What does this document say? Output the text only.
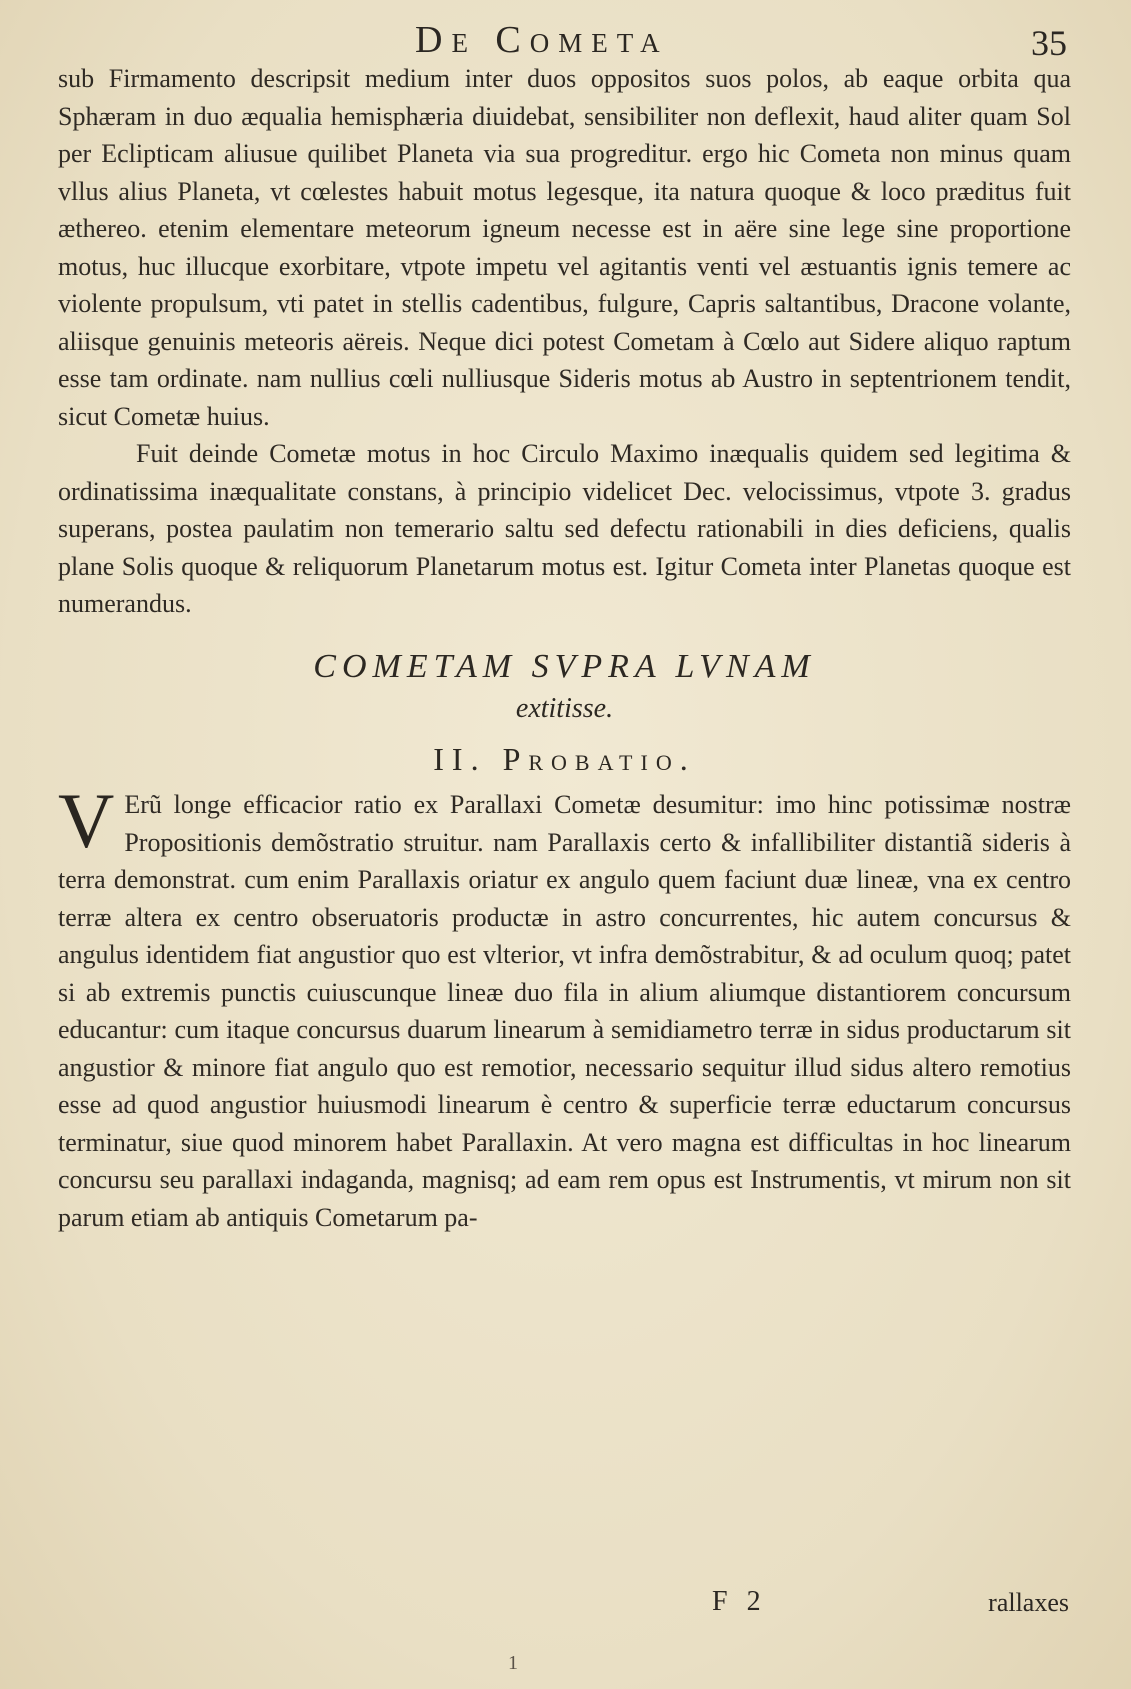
De Cometa	35

sub Firmamento descripsit medium inter duos oppositos suos polos, ab eaque orbita qua Sphæram in duo æqualia hemisphæria diuidebat, sensibiliter non deflexit, haud aliter quam Sol per Eclipticam aliusue quilibet Planeta via sua progreditur. ergo hic Cometa non minus quam vllus alius Planeta, vt cœlestes habuit motus legesque, ita natura quoque & loco præditus fuit æthereo. etenim elementare meteorum igneum necesse est in aëre sine lege sine proportione motus, huc illucque exorbitare, vtpote impetu vel agitantis venti vel æstuantis ignis temere ac violente propulsum, vti patet in stellis cadentibus, fulgure, Capris saltantibus, Dracone volante, aliisque genuinis meteoris aëreis. Neque dici potest Cometam à Cœlo aut Sidere aliquo raptum esse tam ordinate. nam nullius cœli nulliusque Sideris motus ab Austro in septentrionem tendit, sicut Cometæ huius.

Fuit deinde Cometæ motus in hoc Circulo Maximo inæqualis quidem sed legitima & ordinatissima inæqualitate constans, à principio videlicet Dec. velocissimus, vtpote 3. gradus superans, postea paulatim non temerario saltu sed defectu rationabili in dies deficiens, qualis plane Solis quoque & reliquorum Planetarum motus est. Igitur Cometa inter Planetas quoque est numerandus.

COMETAM SVPRA LVNAM
extitisse.
II. Probatio.

V Erũ longe efficacior ratio ex Parallaxi Cometæ desumitur: imo hinc potissimæ nostræ Propositionis demõstratio struitur. nam Parallaxis certo & infallibiliter distantiã sideris à terra demonstrat. cum enim Parallaxis oriatur ex angulo quem faciunt duæ lineæ, vna ex centro terræ altera ex centro obseruatoris productæ in astro concurrentes, hic autem concursus & angulus identidem fiat angustior quo est vlterior, vt infra demõstrabitur, & ad oculum quoq; patet si ab extremis punctis cuiuscunque lineæ duo fila in alium aliumque distantiorem concursum educantur: cum itaque concursus duarum linearum à semidiametro terræ in sidus productarum sit angustior & minore fiat angulo quo est remotior, necessario sequitur illud sidus altero remotius esse ad quod angustior huiusmodi linearum è centro & superficie terræ eductarum concursus terminatur, siue quod minorem habet Parallaxin. At vero magna est difficultas in hoc linearum concursu seu parallaxi indaganda, magnisq; ad eam rem opus est Instrumentis, vt mirum non sit parum etiam ab antiquis Cometarum pa-

F 2	rallaxes
1
